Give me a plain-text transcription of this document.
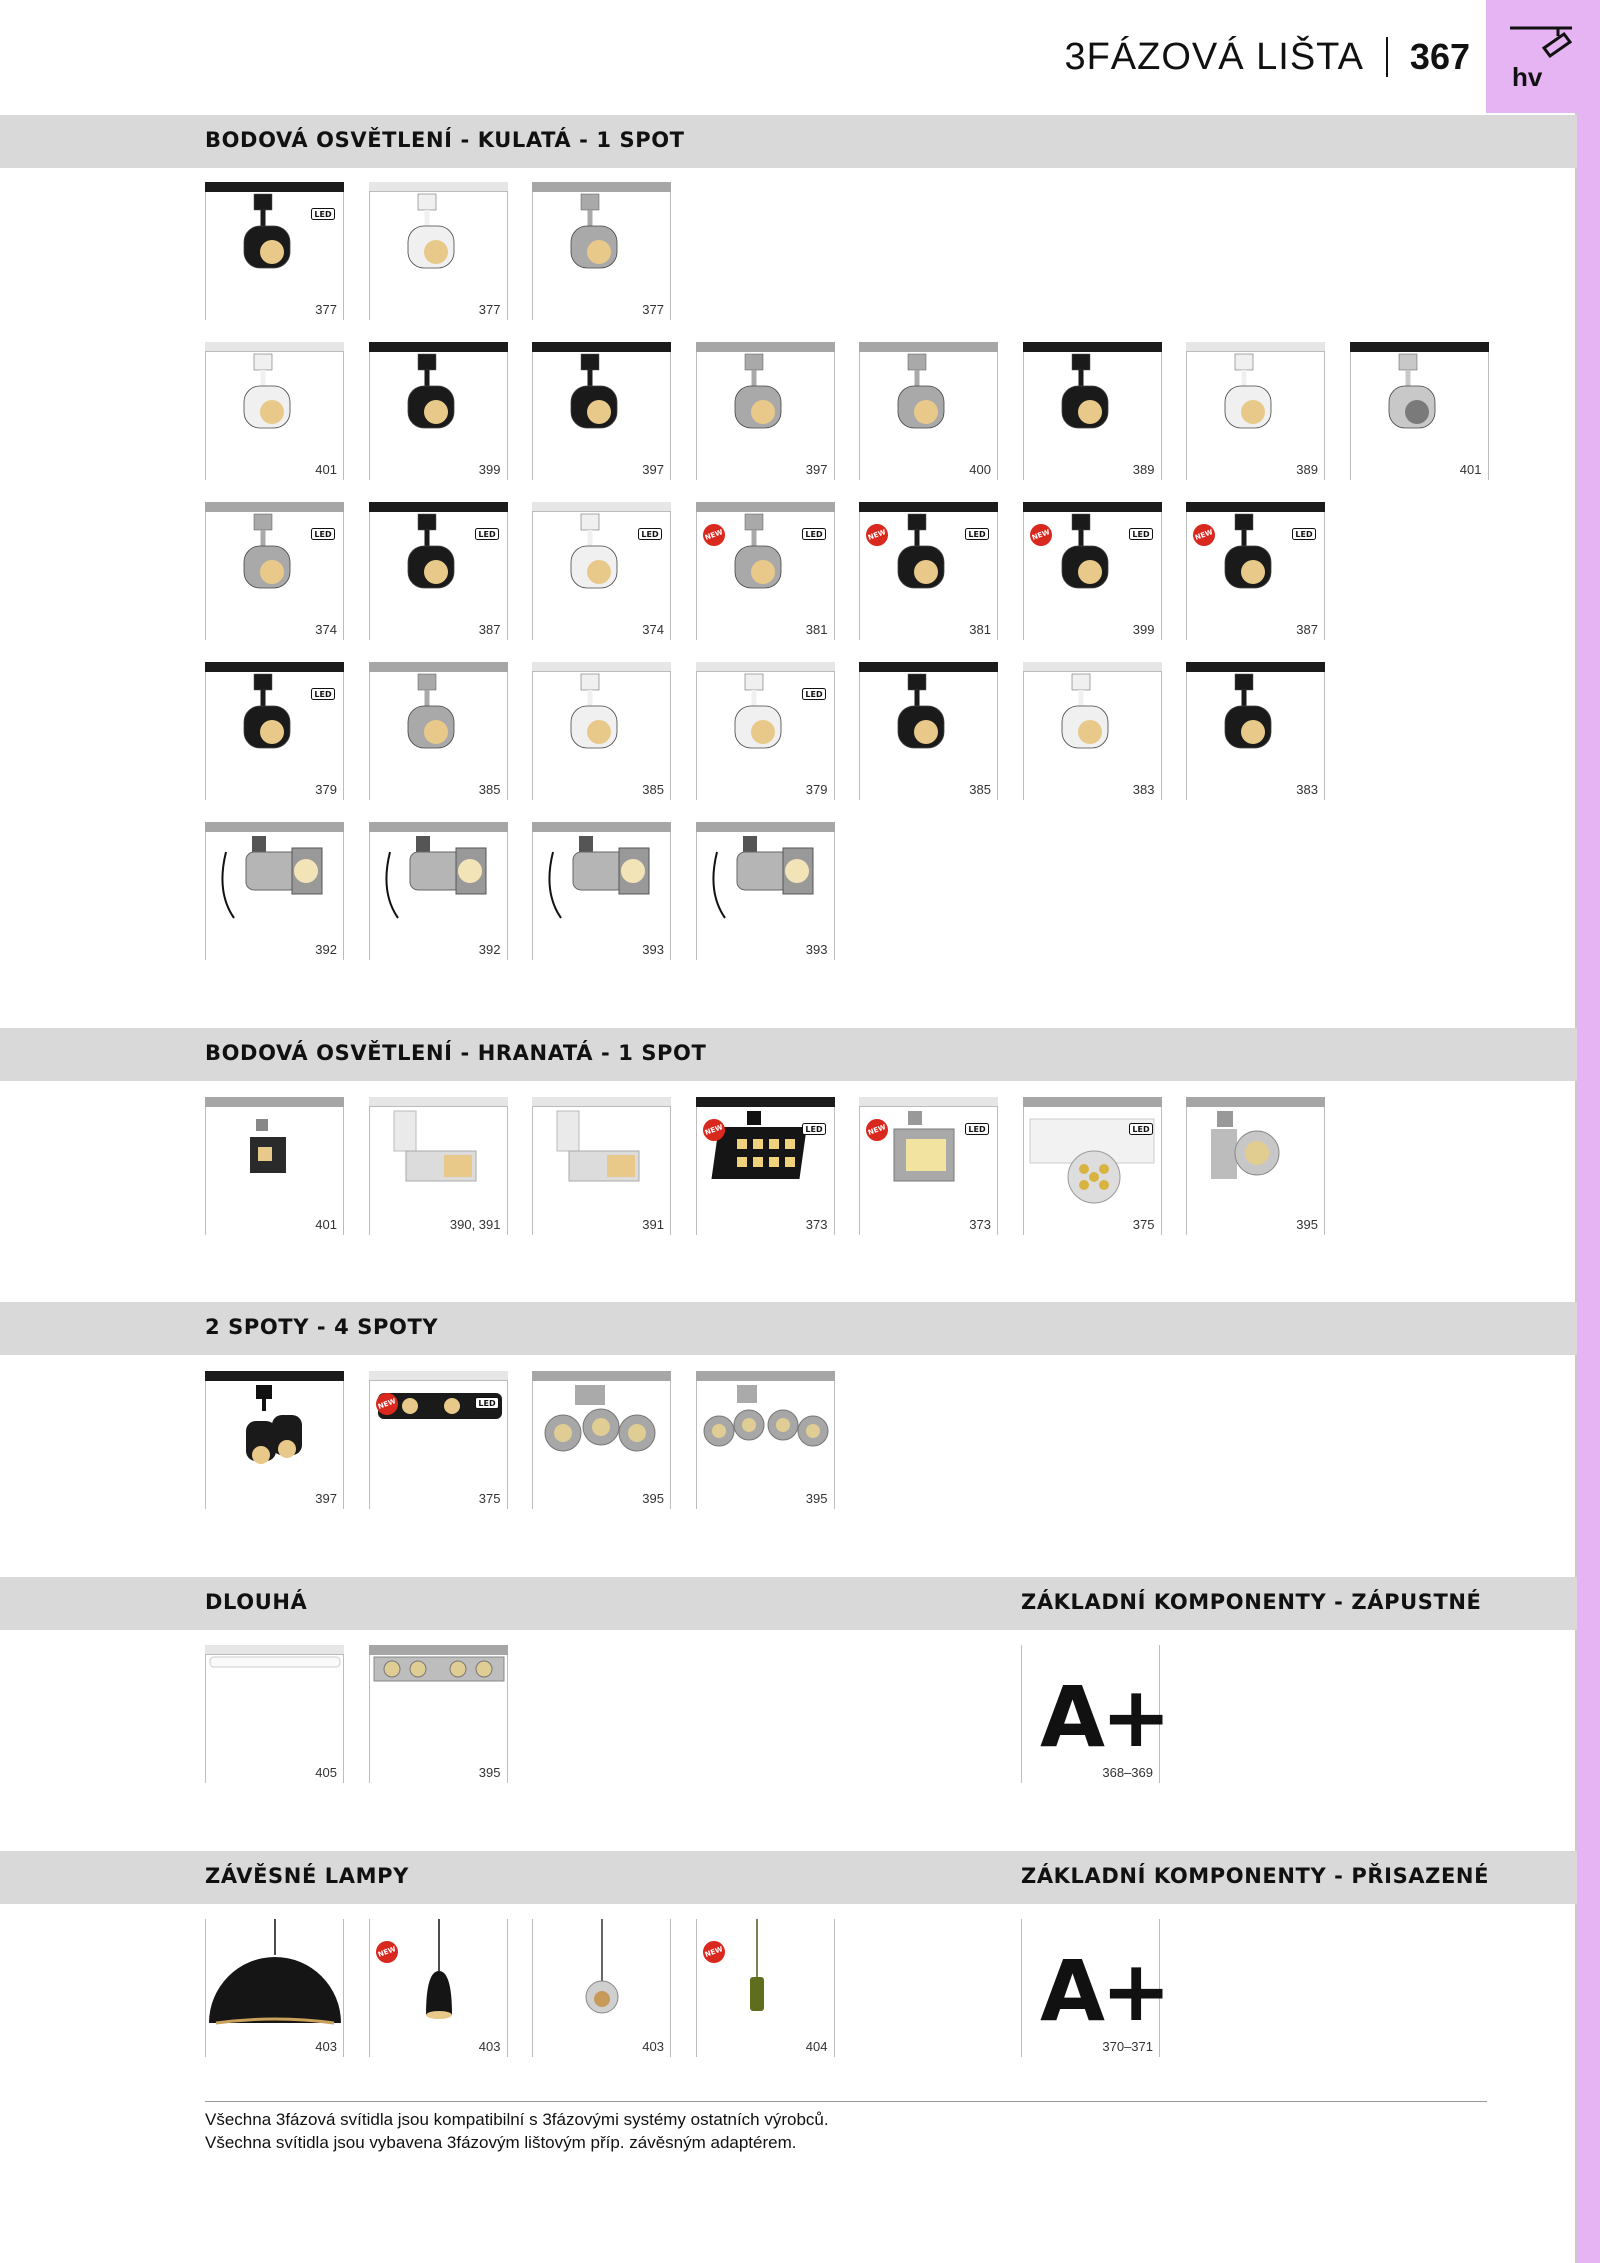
3FÁZOVÁ LIŠTA 367 hv
BODOVÁ OSVĚTLENÍ - KULATÁ - 1 SPOT
BODOVÁ OSVĚTLENÍ - HRANATÁ - 1 SPOT
2 SPOTY - 4 SPOTY
DLOUHÁ	ZÁKLADNÍ KOMPONENTY - ZÁPUSTNÉ
ZÁVĚSNÉ LAMPY	ZÁKLADNÍ KOMPONENTY - PŘISAZENÉ
LED
377	377	377
401	399	397	397	400	389	389	401
LED
374
LED
387
LED
374
LED
NEW
381
LED
NEW
381
LED
NEW
399
LED
NEW
387
LED
379	385	385
LED
379	385	383	383
392	392	393	393
401	390, 391	391
LED
NEW
373
LED
NEW
373
LED
375	395
397
LED
NEW
375	395	395
405	395
403
NEW
403	403
NEW
404
A+
368–369
A+
370–371
Všechna 3fázová svítidla jsou kompatibilní s 3fázovými systémy ostatních výrobců.
Všechna svítidla jsou vybavena 3fázovým lištovým příp. závěsným adaptérem.
